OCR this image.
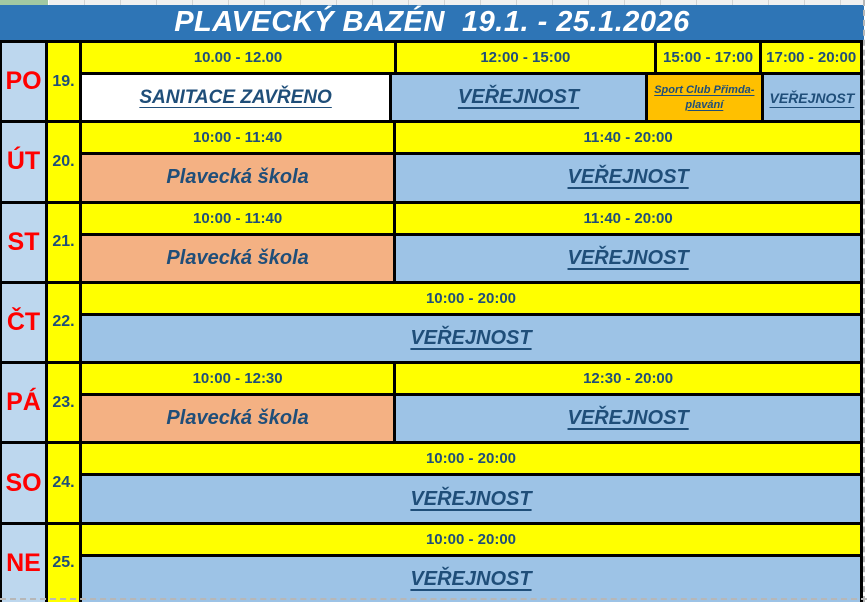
PLAVECKÝ BAZÉN  19.1. - 25.1.2026
PO 19.
10.00 - 12.00	12:00 - 15:00	15:00 - 17:00 17:00 - 20:00
SANITACE ZAVŘENO	VEŘEJNOST	Sport Club Přimda-plavání	VEŘEJNOST
ÚT 20.
10:00 - 11:40	11:40 - 20:00
Plavecká škola	VEŘEJNOST
ST 21.
10:00 - 11:40	11:40 - 20:00
Plavecká škola	VEŘEJNOST
ČT 22.
10:00 - 20:00
VEŘEJNOST
PÁ 23.
10:00 - 12:30	12:30 - 20:00
Plavecká škola	VEŘEJNOST
SO 24.
10:00 - 20:00
VEŘEJNOST
NE 25.
10:00 - 20:00
VEŘEJNOST
